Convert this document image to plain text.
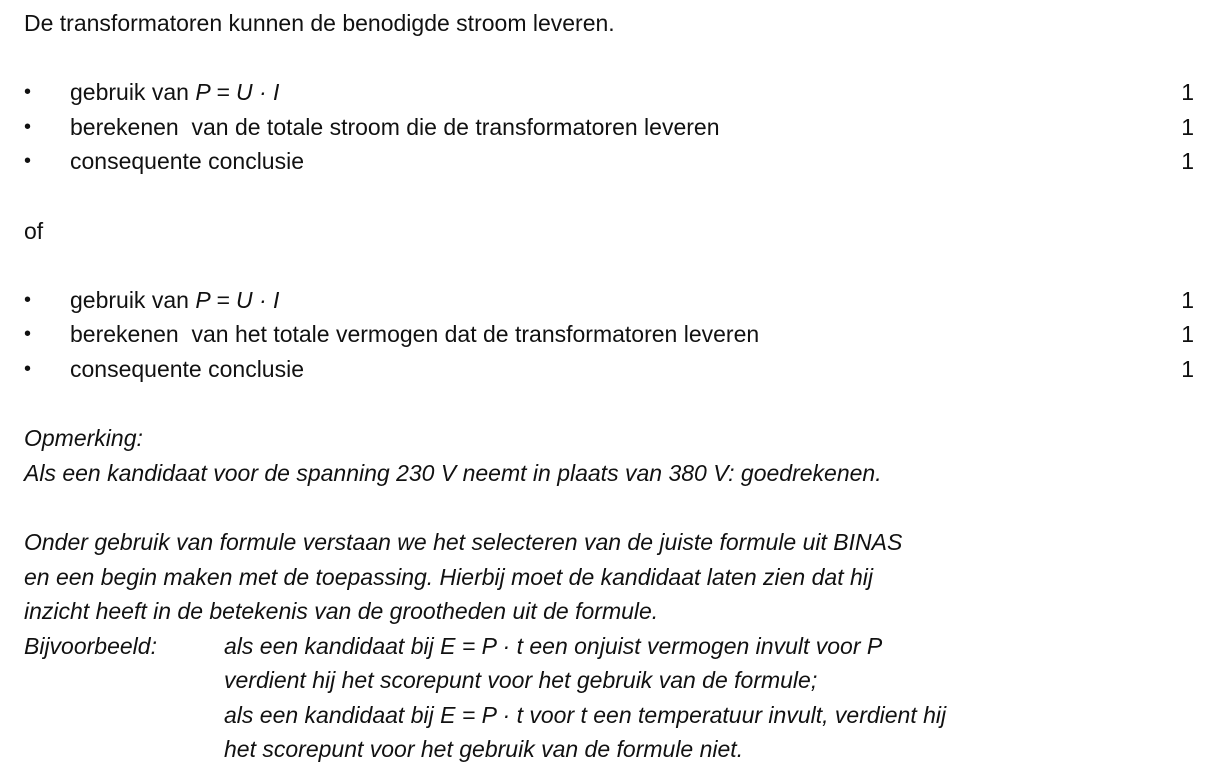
De transformatoren kunnen de benodigde stroom leveren.
•	gebruik van P = U · I	1
•	berekenen  van de totale stroom die de transformatoren leveren	1
•	consequente conclusie	1
of
•	gebruik van P = U · I	1
•	berekenen  van het totale vermogen dat de transformatoren leveren	1
•	consequente conclusie	1
Opmerking:
Als een kandidaat voor de spanning 230 V neemt in plaats van 380 V: goedrekenen.
Onder gebruik van formule verstaan we het selecteren van de juiste formule uit BINAS
en een begin maken met de toepassing. Hierbij moet de kandidaat laten zien dat hij
inzicht heeft in de betekenis van de grootheden uit de formule.
Bijvoorbeeld:	als een kandidaat bij E = P · t een onjuist vermogen invult voor P
verdient hij het scorepunt voor het gebruik van de formule;
als een kandidaat bij E = P · t voor t een temperatuur invult, verdient hij
het scorepunt voor het gebruik van de formule niet.
